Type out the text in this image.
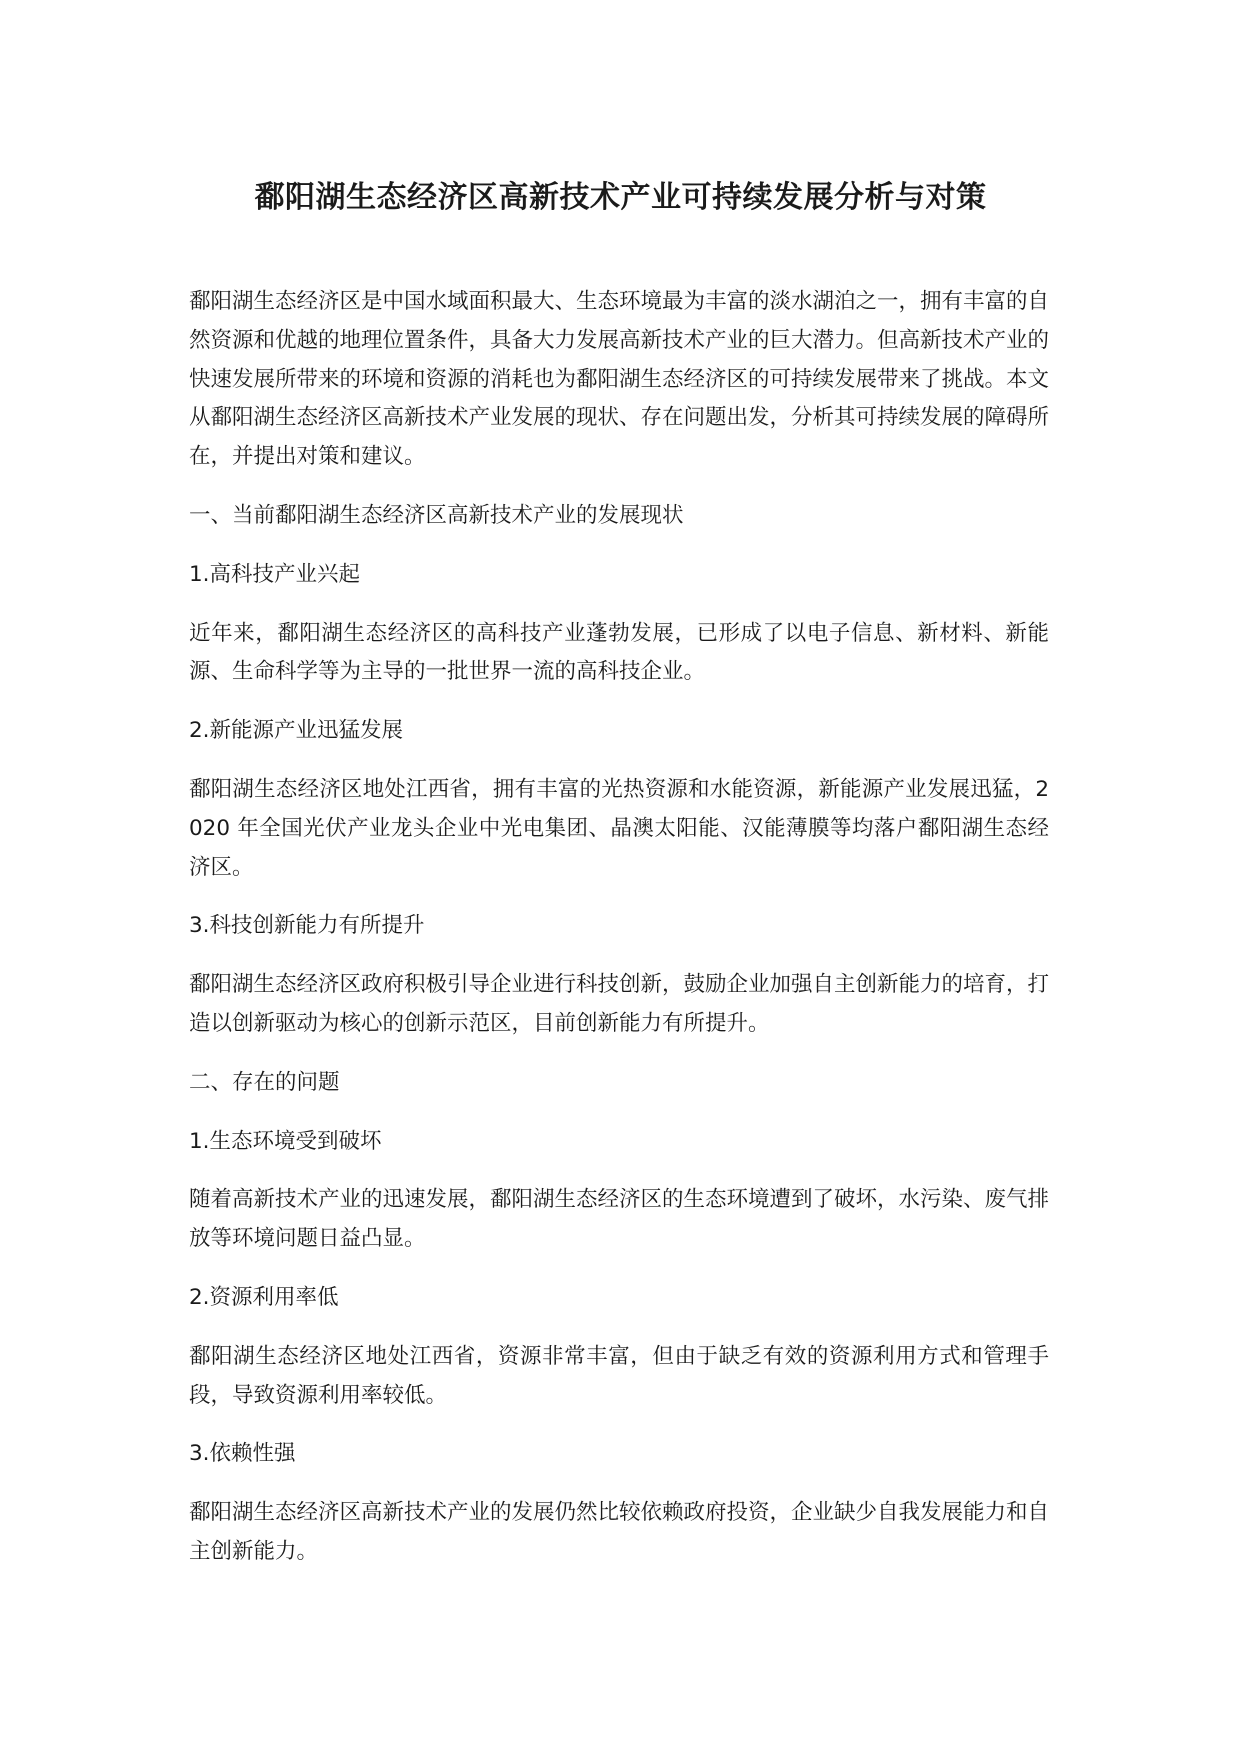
鄱阳湖生态经济区高新技术产业可持续发展分析与对策

鄱阳湖生态经济区是中国水域面积最大、生态环境最为丰富的淡水湖泊之一，拥有丰富的自然资源和优越的地理位置条件，具备大力发展高新技术产业的巨大潜力。但高新技术产业的快速发展所带来的环境和资源的消耗也为鄱阳湖生态经济区的可持续发展带来了挑战。本文从鄱阳湖生态经济区高新技术产业发展的现状、存在问题出发，分析其可持续发展的障碍所在，并提出对策和建议。

一、当前鄱阳湖生态经济区高新技术产业的发展现状

1.高科技产业兴起

近年来，鄱阳湖生态经济区的高科技产业蓬勃发展，已形成了以电子信息、新材料、新能源、生命科学等为主导的一批世界一流的高科技企业。

2.新能源产业迅猛发展

鄱阳湖生态经济区地处江西省，拥有丰富的光热资源和水能资源，新能源产业发展迅猛，2020 年全国光伏产业龙头企业中光电集团、晶澳太阳能、汉能薄膜等均落户鄱阳湖生态经济区。

3.科技创新能力有所提升

鄱阳湖生态经济区政府积极引导企业进行科技创新，鼓励企业加强自主创新能力的培育，打造以创新驱动为核心的创新示范区，目前创新能力有所提升。

二、存在的问题

1.生态环境受到破坏

随着高新技术产业的迅速发展，鄱阳湖生态经济区的生态环境遭到了破坏，水污染、废气排放等环境问题日益凸显。

2.资源利用率低

鄱阳湖生态经济区地处江西省，资源非常丰富，但由于缺乏有效的资源利用方式和管理手段，导致资源利用率较低。

3.依赖性强

鄱阳湖生态经济区高新技术产业的发展仍然比较依赖政府投资，企业缺少自我发展能力和自主创新能力。
